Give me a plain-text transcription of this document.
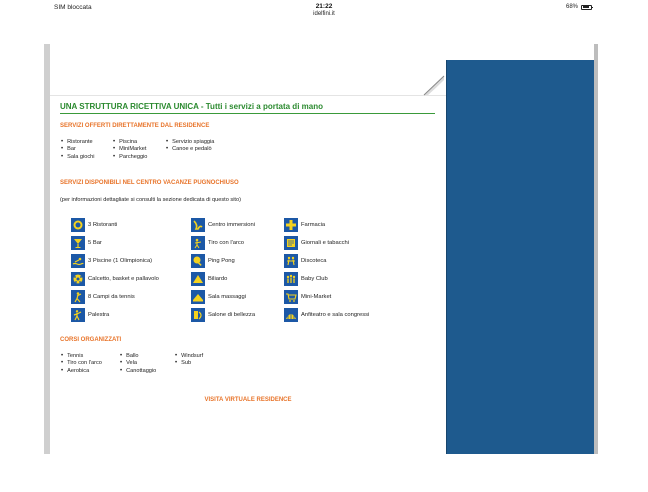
SIM bloccata	21:22
idelfini.it
68%
UNA STRUTTURA RICETTIVA UNICA - Tutti i servizi a portata di mano
SERVIZI OFFERTI DIRETTAMENTE DAL RESIDENCE
• Ristorante
• Bar
• Sala giochi
• Piscina
• MiniMarket
• Parcheggio
• Servizio spiaggia
• Canoe e pedalò
SERVIZI DISPONIBILI NEL CENTRO VACANZE PUGNOCHIUSO
(per informazioni dettagliate si consulti la sezione dedicata di questo sito)
3 Ristoranti	Centro immersioni	Farmacia
5 Bar	Tiro con l'arco	Giornali e tabacchi
3 Piscine (1 Olimpionica)	Ping Pong	Discoteca
Calcetto, basket e pallavolo	Biliardo	Baby Club
8 Campi da tennis	Sala massaggi	Mini-Market
Palestra	Salone di bellezza	Anfiteatro e sala congressi
CORSI ORGANIZZATI
• Tennis
• Tiro con l'arco
• Aerobica
• Ballo
• Vela
• Canottaggio
• Windsurf
• Sub
VISITA VIRTUALE RESIDENCE
